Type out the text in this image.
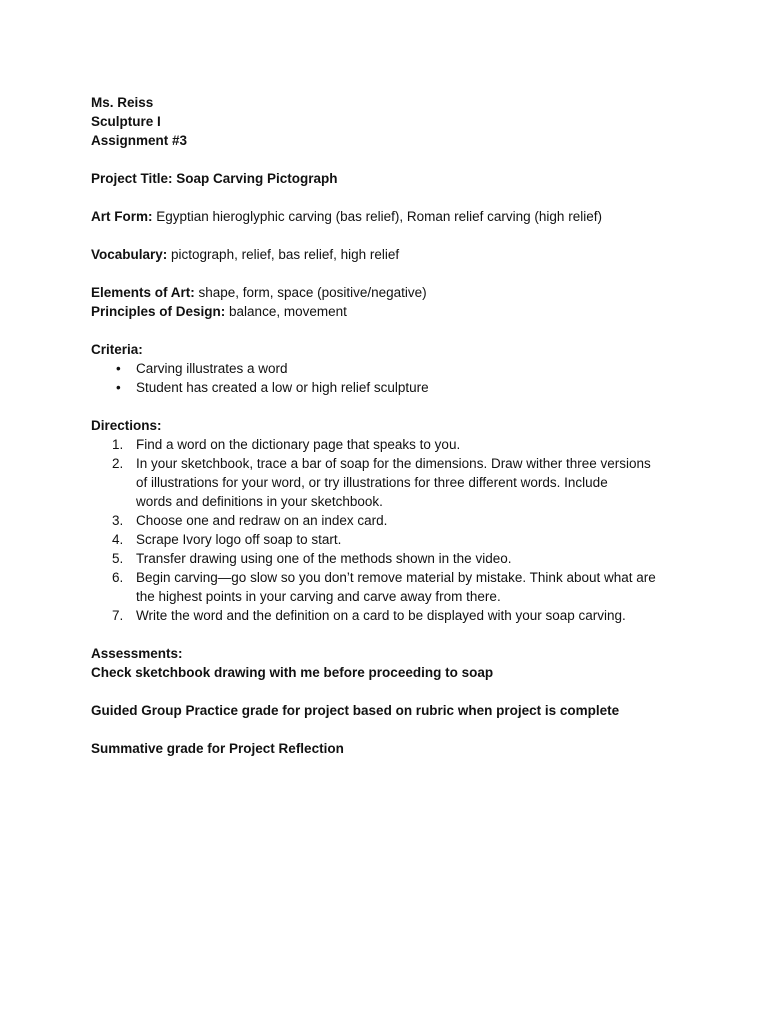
Ms. Reiss
Sculpture I
Assignment #3
Project Title: Soap Carving Pictograph
Art Form: Egyptian hieroglyphic carving (bas relief), Roman relief carving (high relief)
Vocabulary: pictograph, relief, bas relief, high relief
Elements of Art: shape, form, space (positive/negative)
Principles of Design: balance, movement
Criteria:
•	Carving illustrates a word
•	Student has created a low or high relief sculpture
Directions:
1. Find a word on the dictionary page that speaks to you.
2. In your sketchbook, trace a bar of soap for the dimensions. Draw wither three versions
of illustrations for your word, or try illustrations for three different words. Include
words and definitions in your sketchbook.
3. Choose one and redraw on an index card.
4. Scrape Ivory logo off soap to start.
5. Transfer drawing using one of the methods shown in the video.
6. Begin carving—go slow so you don’t remove material by mistake. Think about what are
the highest points in your carving and carve away from there.
7. Write the word and the definition on a card to be displayed with your soap carving.
Assessments:
Check sketchbook drawing with me before proceeding to soap
Guided Group Practice grade for project based on rubric when project is complete
Summative grade for Project Reflection
